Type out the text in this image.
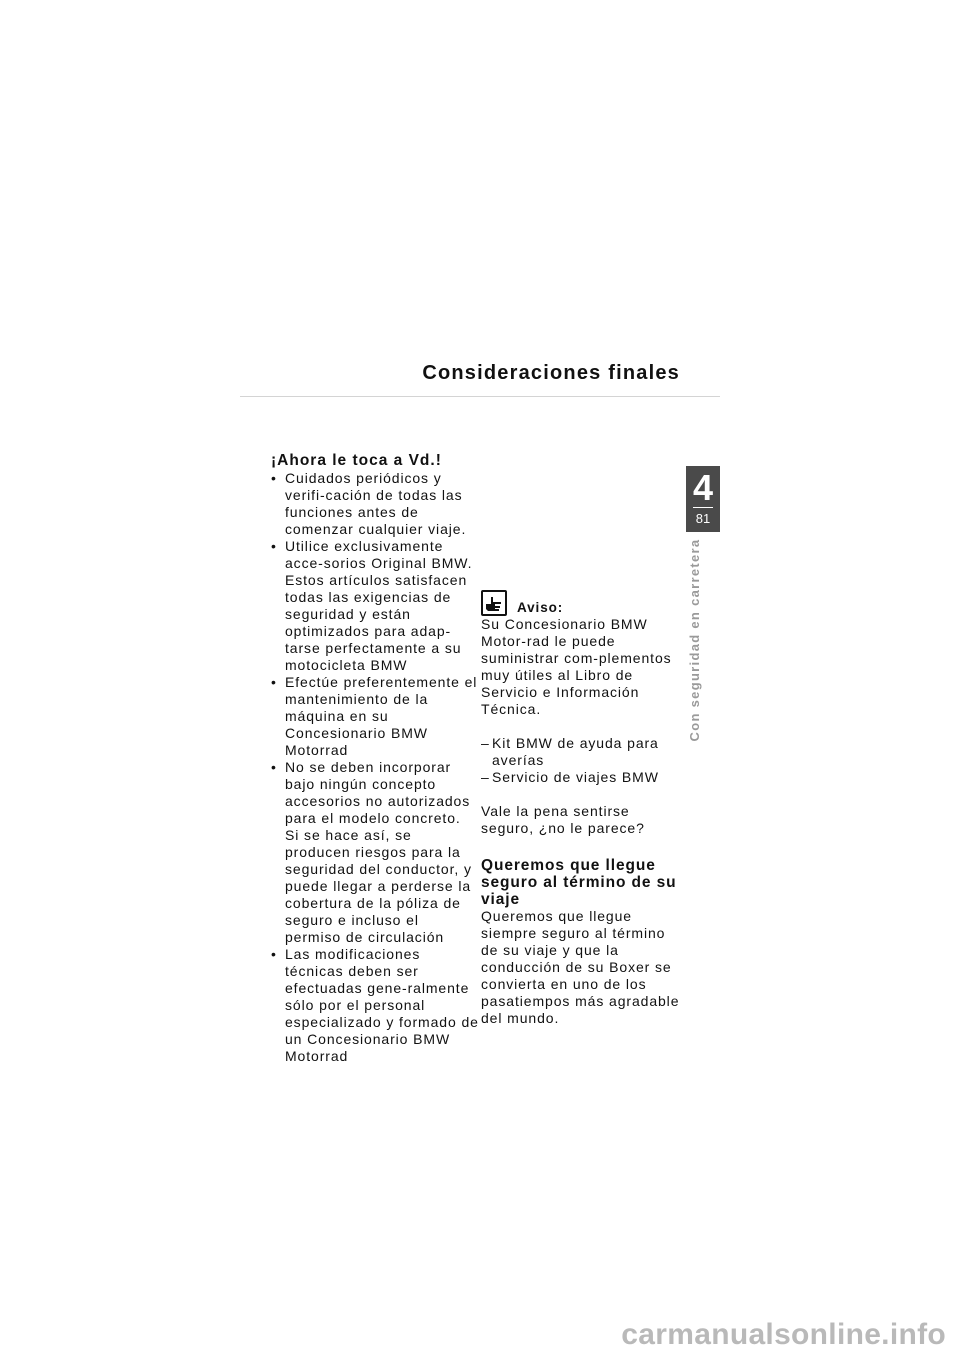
Consideraciones finales
4
81
Con seguridad en carretera
¡Ahora le toca a Vd.!
• Cuidados periódicos y verifi-cación de todas las funciones antes de comenzar cualquier viaje.
• Utilice exclusivamente acce-sorios Original BMW. Estos artículos satisfacen todas las exigencias de seguridad y están optimizados para adap-tarse perfectamente a su motocicleta BMW
• Efectúe preferentemente el mantenimiento de la máquina en su Concesionario BMW Motorrad
• No se deben incorporar bajo ningún concepto accesorios no autorizados para el modelo concreto. Si se hace así, se producen riesgos para la seguridad del conductor, y puede llegar a perderse la cobertura de la póliza de seguro e incluso el permiso de circulación
• Las modificaciones técnicas deben ser efectuadas gene-ralmente sólo por el personal especializado y formado de un Concesionario BMW Motorrad
Aviso:

Su Concesionario BMW Motor-rad le puede suministrar com-plementos muy útiles al Libro de Servicio e Información Técnica.

– Kit BMW de ayuda para averías
– Servicio de viajes BMW

Vale la pena sentirse seguro, ¿no le parece?

Queremos que llegue seguro al término de su viaje

Queremos que llegue siempre seguro al término de su viaje y que la conducción de su Boxer se convierta en uno de los pasatiempos más agradable del mundo.

carmanualsonline.info
